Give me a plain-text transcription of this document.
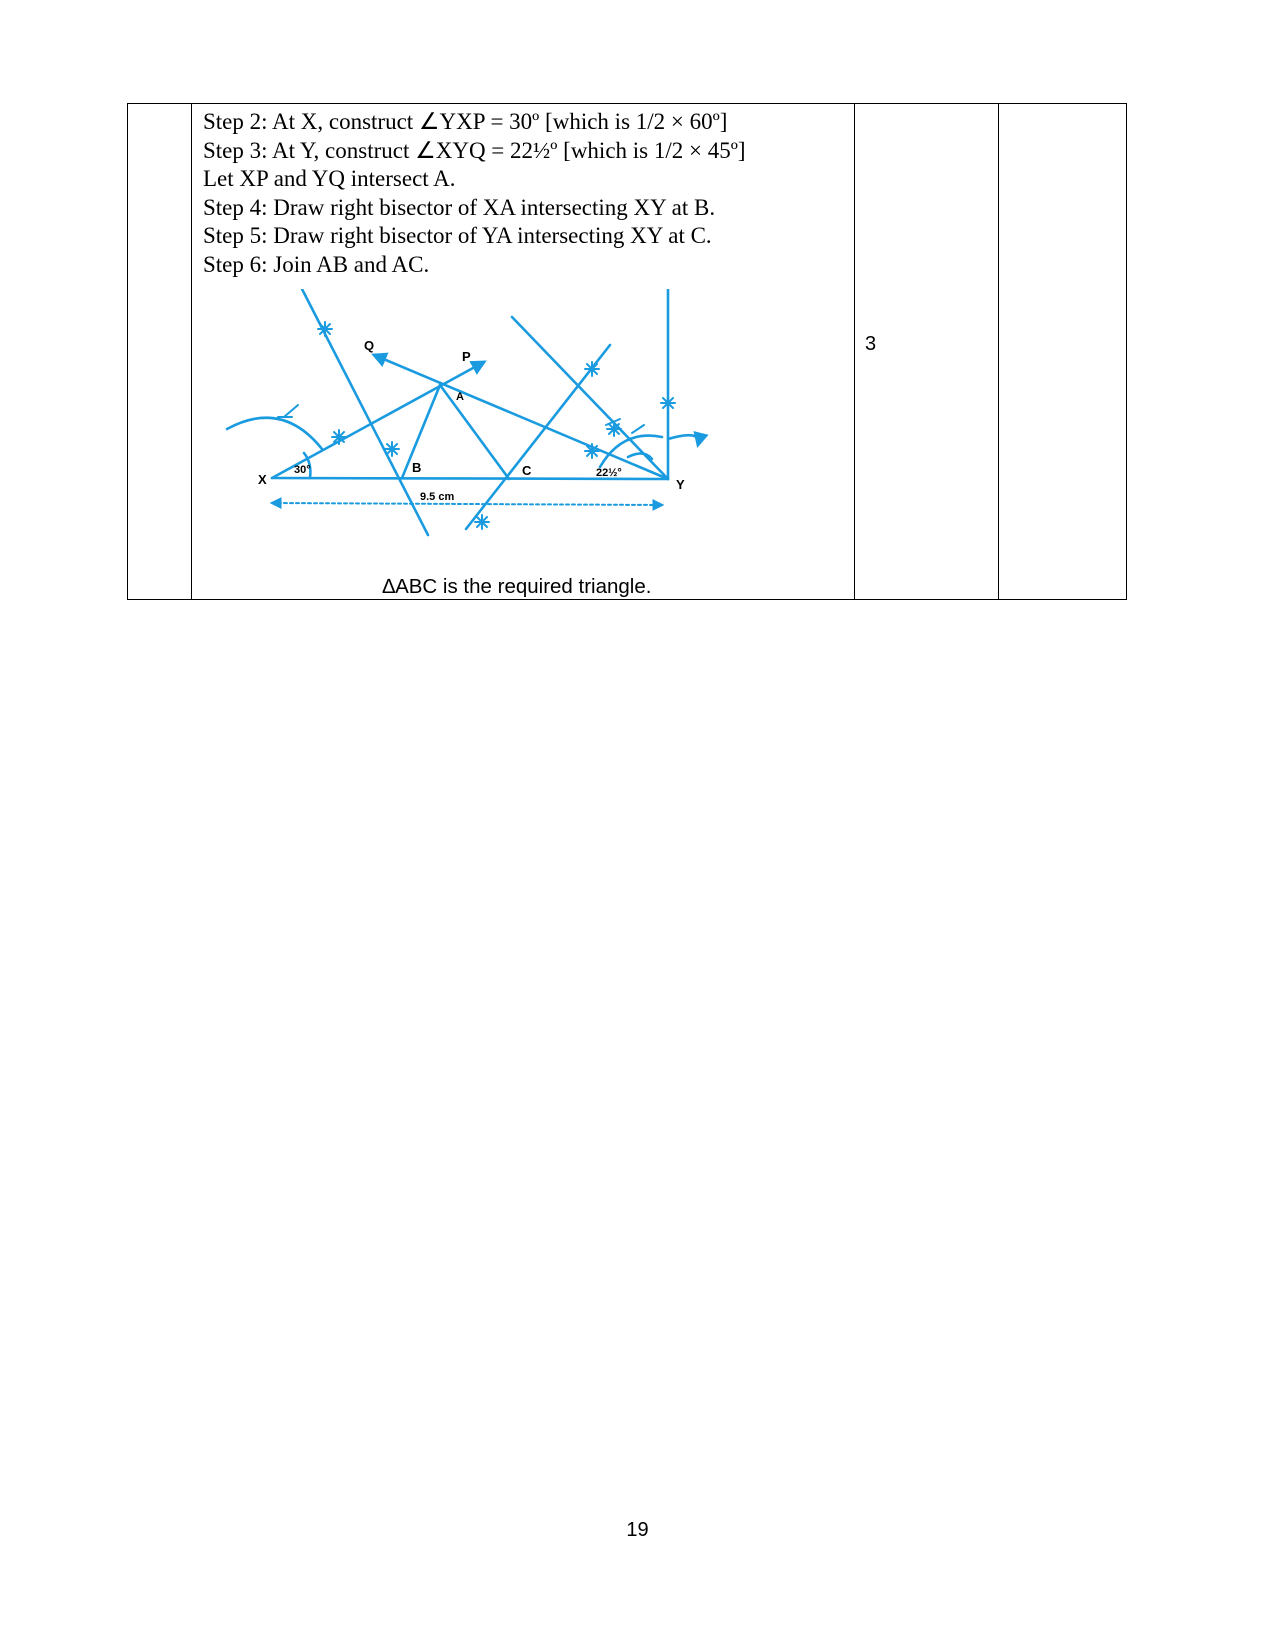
Step 2: At X, construct ∠YXP = 30º [which is 1/2 × 60º]
Step 3: At Y, construct ∠XYQ = 22½º [which is 1/2 × 45º]
Let XP and YQ intersect A.
Step 4: Draw right bisector of XA intersecting XY at B.
Step 5: Draw right bisector of YA intersecting XY at C.
Step 6: Join AB and AC.
X	Y
A
B	C
P
Q
30°	22½°
9.5 cm
∆ABC is the required triangle.

3

19
